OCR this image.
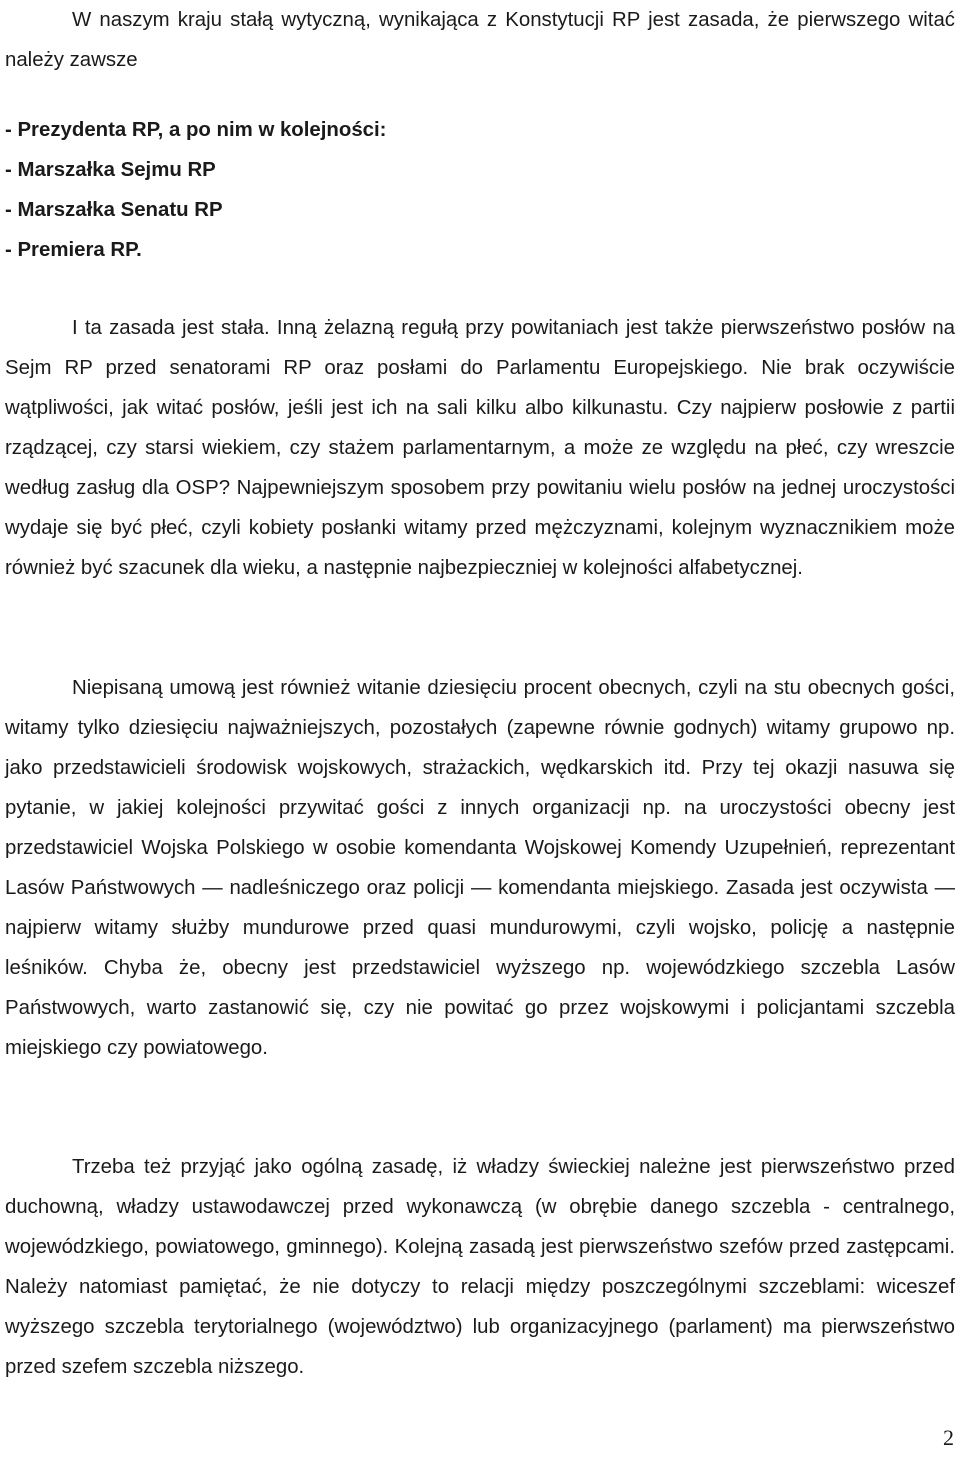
W naszym kraju stałą wytyczną, wynikająca z Konstytucji RP jest zasada, że pierwszego witać należy zawsze

- Prezydenta RP, a po nim w kolejności:
- Marszałka Sejmu RP
- Marszałka Senatu RP
- Premiera RP.

I ta zasada jest stała. Inną żelazną regułą przy powitaniach jest także pierwszeństwo posłów na Sejm RP przed senatorami RP oraz posłami do Parlamentu Europejskiego. Nie brak oczywiście wątpliwości, jak witać posłów, jeśli jest ich na sali kilku albo kilkunastu. Czy najpierw posłowie z partii rządzącej, czy starsi wiekiem, czy stażem parlamentarnym, a może ze względu na płeć, czy wreszcie według zasług dla OSP? Najpewniejszym sposobem przy powitaniu wielu posłów na jednej uroczystości wydaje się być płeć, czyli kobiety posłanki witamy przed mężczyznami, kolejnym wyznacznikiem może również być szacunek dla wieku, a następnie najbezpieczniej w kolejności alfabetycznej.

Niepisaną umową jest również witanie dziesięciu procent obecnych, czyli na stu obecnych gości, witamy tylko dziesięciu najważniejszych, pozostałych (zapewne równie godnych) witamy grupowo np. jako przedstawicieli środowisk wojskowych, strażackich, wędkarskich itd. Przy tej okazji nasuwa się pytanie, w jakiej kolejności przywitać gości z innych organizacji np. na uroczystości obecny jest przedstawiciel Wojska Polskiego w osobie komendanta Wojskowej Komendy Uzupełnień, reprezentant Lasów Państwowych — nadleśniczego oraz policji — komendanta miejskiego. Zasada jest oczywista — najpierw witamy służby mundurowe przed quasi mundurowymi, czyli wojsko, policję a następnie leśników. Chyba że, obecny jest przedstawiciel wyższego np. wojewódzkiego szczebla Lasów Państwowych, warto zastanowić się, czy nie powitać go przez wojskowymi i policjantami szczebla miejskiego czy powiatowego.

Trzeba też przyjąć jako ogólną zasadę, iż władzy świeckiej należne jest pierwszeństwo przed duchowną, władzy ustawodawczej przed wykonawczą (w obrębie danego szczebla - centralnego, wojewódzkiego, powiatowego, gminnego). Kolejną zasadą jest pierwszeństwo szefów przed zastępcami. Należy natomiast pamiętać, że nie dotyczy to relacji między poszczególnymi szczeblami: wiceszef wyższego szczebla terytorialnego (województwo) lub organizacyjnego (parlament) ma pierwszeństwo przed szefem szczebla niższego.

2
